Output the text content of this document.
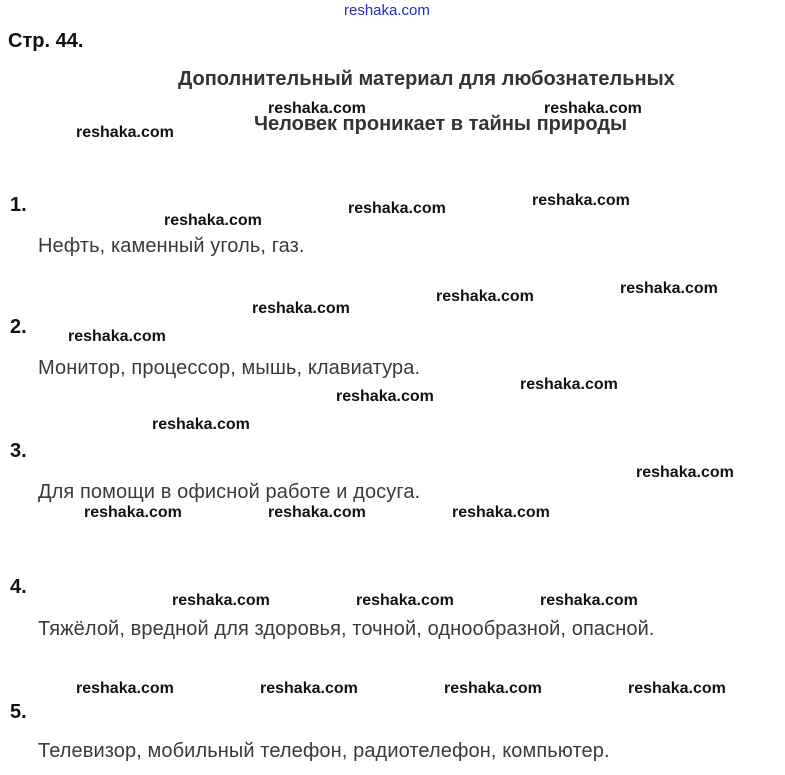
reshaka.com
Стр. 44.
Дополнительный материал для любознательных
Человек проникает в тайны природы
1.
Нефть, каменный уголь, газ.
2.
Монитор, процессор, мышь, клавиатура.
3.
Для помощи в офисной работе и досуга.
4.
Тяжёлой, вредной для здоровья, точной, однообразной, опасной.
5.
Телевизор, мобильный телефон, радиотелефон, компьютер.
reshaka.com	reshaka.com
reshaka.com
reshaka.com
reshaka.com
reshaka.com
reshaka.com
reshaka.com
reshaka.com
reshaka.com
reshaka.com
reshaka.com
reshaka.com
reshaka.com
reshaka.com	reshaka.com	reshaka.com
reshaka.com	reshaka.com	reshaka.com
reshaka.com	reshaka.com	reshaka.com	reshaka.com
